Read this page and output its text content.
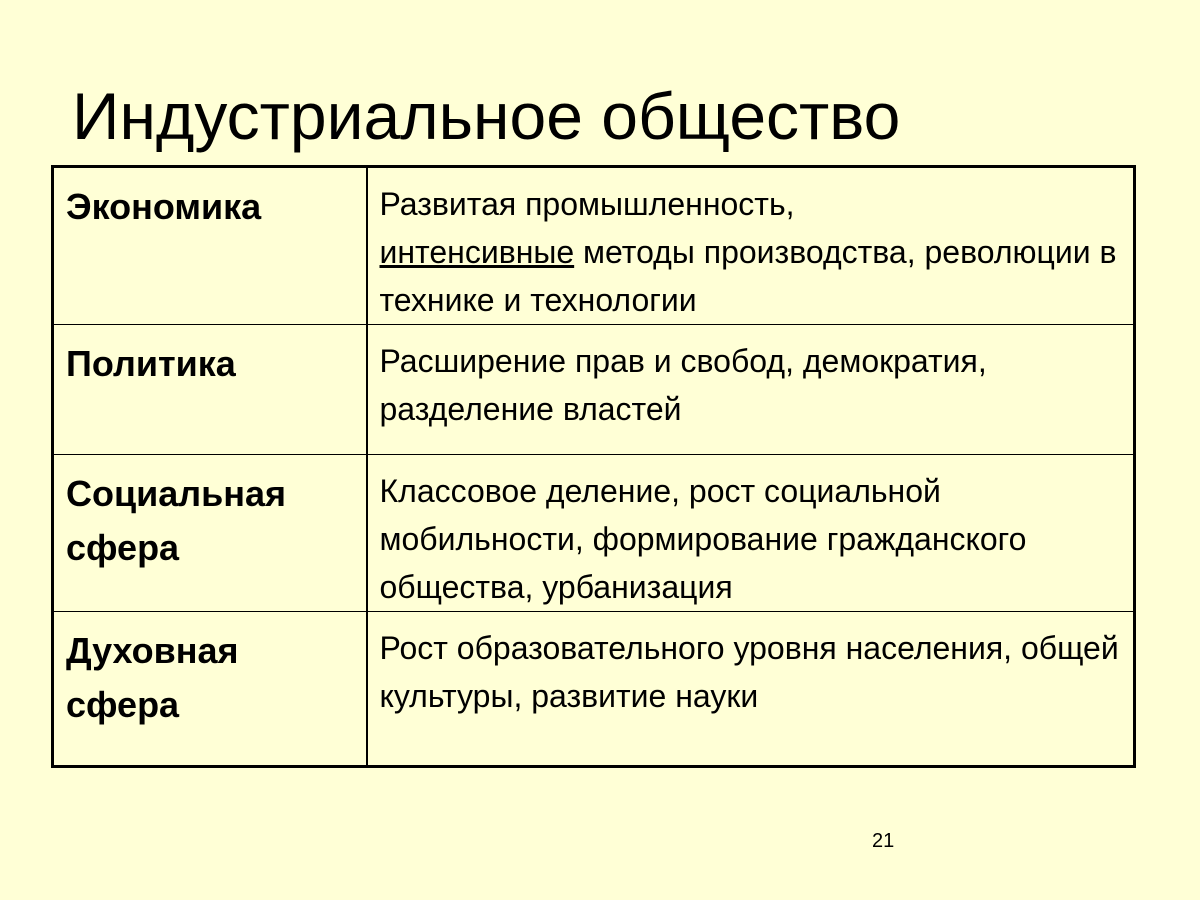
Индустриальное общество
Экономика	Развитая промышленность,
интенсивные методы производства, революции в технике и технологии
Политика	Расширение прав и свобод, демократия, разделение властей
Социальная сфера	Классовое деление, рост социальной мобильности, формирование гражданского общества, урбанизация
Духовная сфера	Рост образовательного уровня населения, общей культуры, развитие науки
21
